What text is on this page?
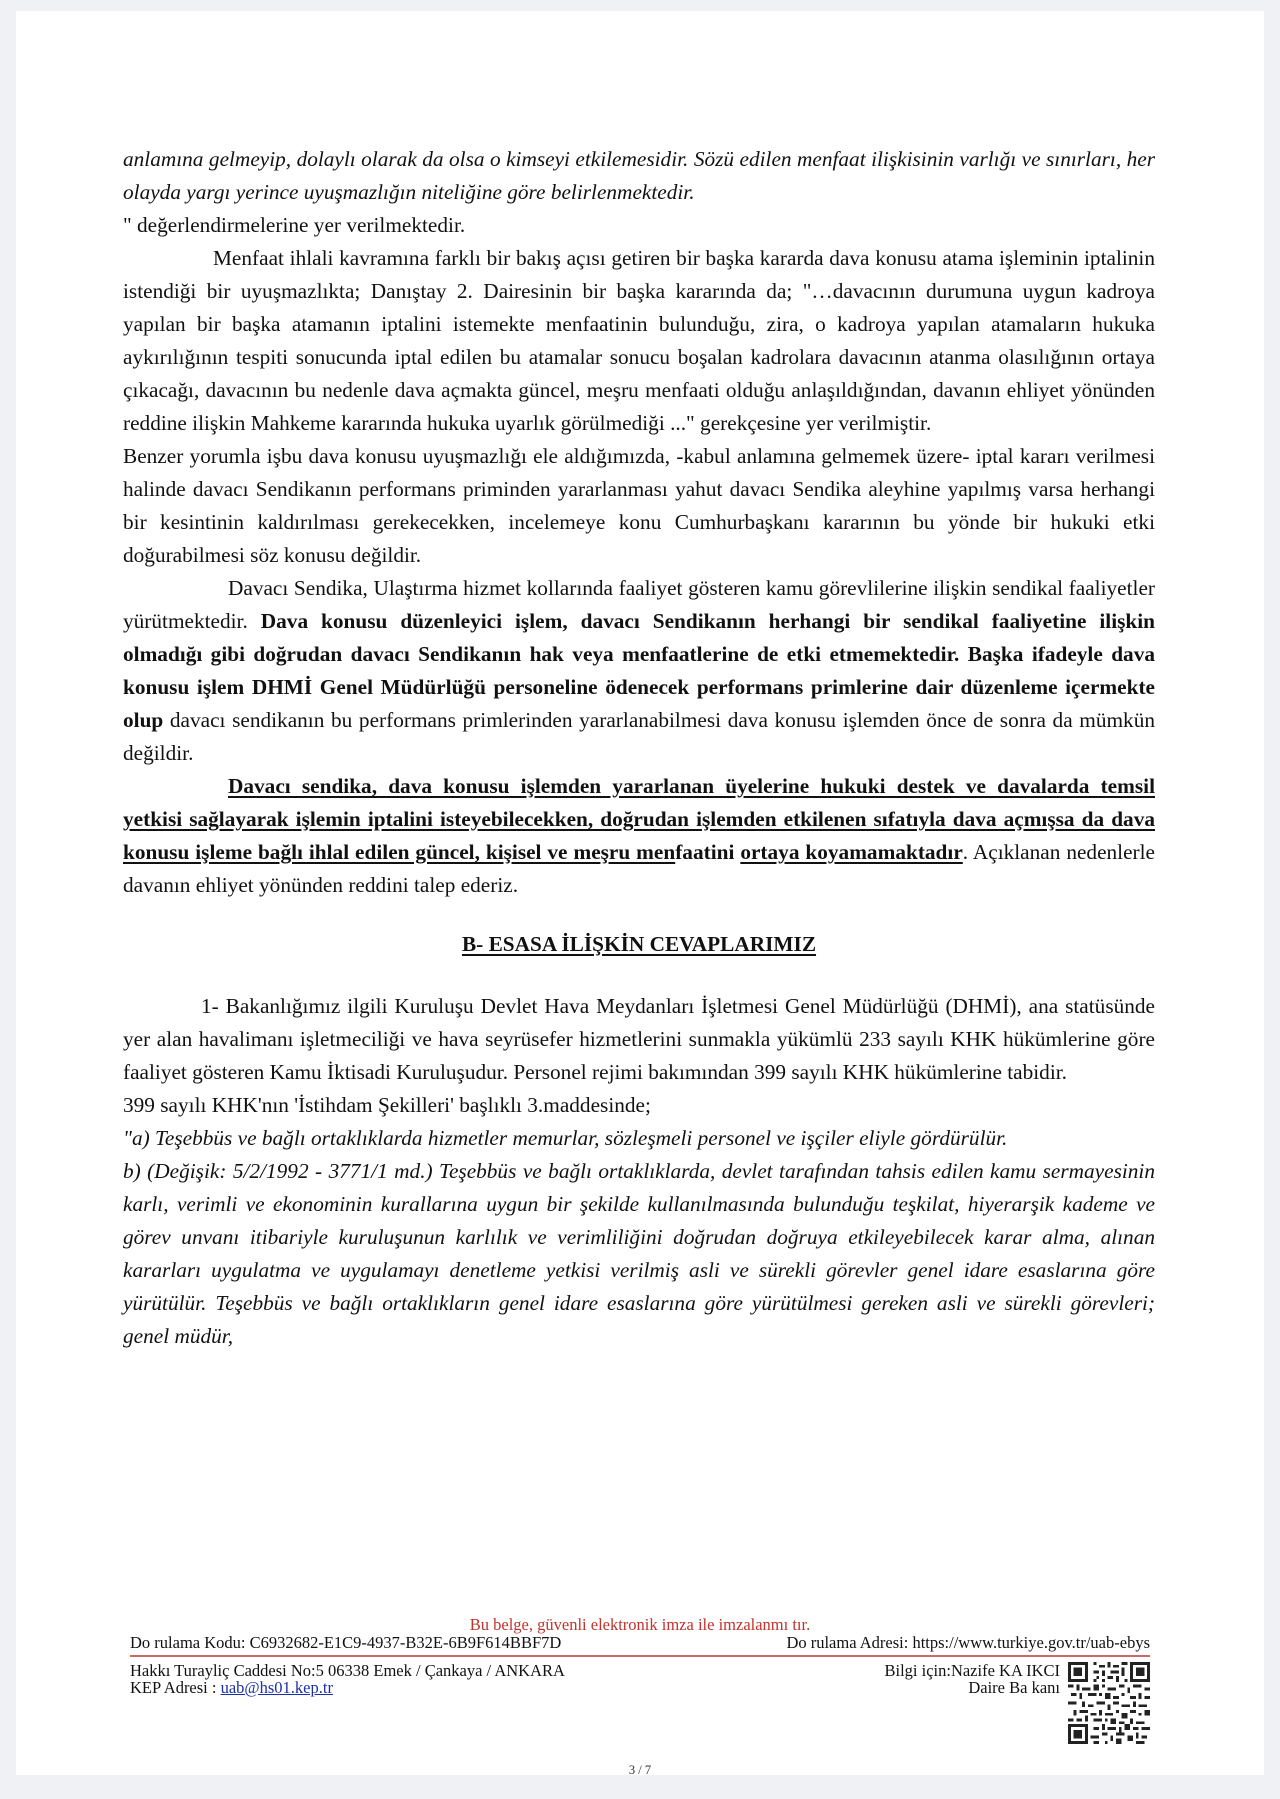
anlamına gelmeyip, dolaylı olarak da olsa o kimseyi etkilemesidir. Sözü edilen menfaat ilişkisinin varlığı ve sınırları, her olayda yargı yerince uyuşmazlığın niteliğine göre belirlenmektedir.
" değerlendirmelerine yer verilmektedir.

Menfaat ihlali kavramına farklı bir bakış açısı getiren bir başka kararda dava konusu atama işleminin iptalinin istendiği bir uyuşmazlıkta; Danıştay 2. Dairesinin bir başka kararında da; "…davacının durumuna uygun kadroya yapılan bir başka atamanın iptalini istemekte menfaatinin bulunduğu, zira, o kadroya yapılan atamaların hukuka aykırılığının tespiti sonucunda iptal edilen bu atamalar sonucu boşalan kadrolara davacının atanma olasılığının ortaya çıkacağı, davacının bu nedenle dava açmakta güncel, meşru menfaati olduğu anlaşıldığından, davanın ehliyet yönünden reddine ilişkin Mahkeme kararında hukuka uyarlık görülmediği ..." gerekçesine yer verilmiştir.

Benzer yorumla işbu dava konusu uyuşmazlığı ele aldığımızda, -kabul anlamına gelmemek üzere- iptal kararı verilmesi halinde davacı Sendikanın performans priminden yararlanması yahut davacı Sendika aleyhine yapılmış varsa herhangi bir kesintinin kaldırılması gerekecekken, incelemeye konu Cumhurbaşkanı kararının bu yönde bir hukuki etki doğurabilmesi söz konusu değildir.

Davacı Sendika, Ulaştırma hizmet kollarında faaliyet gösteren kamu görevlilerine ilişkin sendikal faaliyetler yürütmektedir. Dava konusu düzenleyici işlem, davacı Sendikanın herhangi bir sendikal faaliyetine ilişkin olmadığı gibi doğrudan davacı Sendikanın hak veya menfaatlerine de etki etmemektedir. Başka ifadeyle dava konusu işlem DHMİ Genel Müdürlüğü personeline ödenecek performans primlerine dair düzenleme içermekte olup davacı sendikanın bu performans primlerinden yararlanabilmesi dava konusu işlemden önce de sonra da mümkün değildir.

Davacı sendika, dava konusu işlemden yararlanan üyelerine hukuki destek ve davalarda temsil yetkisi sağlayarak işlemin iptalini isteyebilecekken, doğrudan işlemden etkilenen sıfatıyla dava açmışsa da dava konusu işleme bağlı ihlal edilen güncel, kişisel ve meşru menfaatini ortaya koyamamaktadır. Açıklanan nedenlerle davanın ehliyet yönünden reddini talep ederiz.

B- ESASA İLİŞKİN CEVAPLARIMIZ

1- Bakanlığımız ilgili Kuruluşu Devlet Hava Meydanları İşletmesi Genel Müdürlüğü (DHMİ), ana statüsünde yer alan havalimanı işletmeciliği ve hava seyrüsefer hizmetlerini sunmakla yükümlü 233 sayılı KHK hükümlerine göre faaliyet gösteren Kamu İktisadi Kuruluşudur. Personel rejimi bakımından 399 sayılı KHK hükümlerine tabidir.

399 sayılı KHK'nın 'İstihdam Şekilleri' başlıklı 3.maddesinde;

"a) Teşebbüs ve bağlı ortaklıklarda hizmetler memurlar, sözleşmeli personel ve işçiler eliyle gördürülür.

b) (Değişik: 5/2/1992 - 3771/1 md.) Teşebbüs ve bağlı ortaklıklarda, devlet tarafından tahsis edilen kamu sermayesinin karlı, verimli ve ekonominin kurallarına uygun bir şekilde kullanılmasında bulunduğu teşkilat, hiyerarşik kademe ve görev unvanı itibariyle kuruluşunun karlılık ve verimliliğini doğrudan doğruya etkileyebilecek karar alma, alınan kararları uygulatma ve uygulamayı denetleme yetkisi verilmiş asli ve sürekli görevler genel idare esaslarına göre yürütülür. Teşebbüs ve bağlı ortaklıkların genel idare esaslarına göre yürütülmesi gereken asli ve sürekli görevleri; genel müdür,

Bu belge, güvenli elektronik imza ile imzalanmı tır.
Do rulama Kodu: C6932682-E1C9-4937-B32E-6B9F614BBF7D	Do rulama Adresi: https://www.turkiye.gov.tr/uab-ebys
Hakkı Turayliç Caddesi No:5 06338 Emek / Çankaya / ANKARA
KEP Adresi : uab@hs01.kep.tr
Bilgi için:Nazife KA IKCI
Daire Ba kanı
3 / 7
